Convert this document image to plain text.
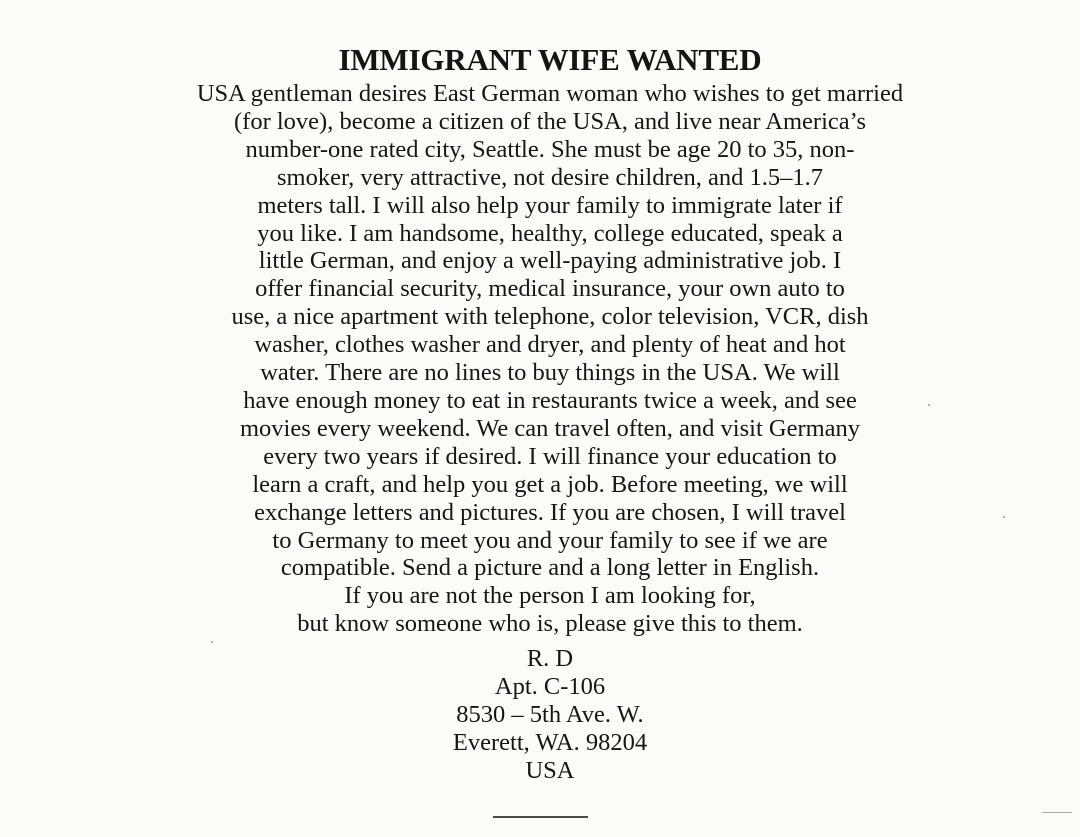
IMMIGRANT WIFE WANTED
USA gentleman desires East German woman who wishes to get married
(for love), become a citizen of the USA, and live near America’s
number-one rated city, Seattle. She must be age 20 to 35, non-
smoker, very attractive, not desire children, and 1.5–1.7
meters tall. I will also help your family to immigrate later if
you like. I am handsome, healthy, college educated, speak a
little German, and enjoy a well-paying administrative job. I
offer financial security, medical insurance, your own auto to
use, a nice apartment with telephone, color television, VCR, dish
washer, clothes washer and dryer, and plenty of heat and hot
water. There are no lines to buy things in the USA. We will
have enough money to eat in restaurants twice a week, and see
movies every weekend. We can travel often, and visit Germany
every two years if desired. I will finance your education to
learn a craft, and help you get a job. Before meeting, we will
exchange letters and pictures. If you are chosen, I will travel
to Germany to meet you and your family to see if we are
compatible. Send a picture and a long letter in English.
If you are not the person I am looking for,
but know someone who is, please give this to them.
R. D
Apt. C-106
8530 – 5th Ave. W.
Everett, WA. 98204
USA
